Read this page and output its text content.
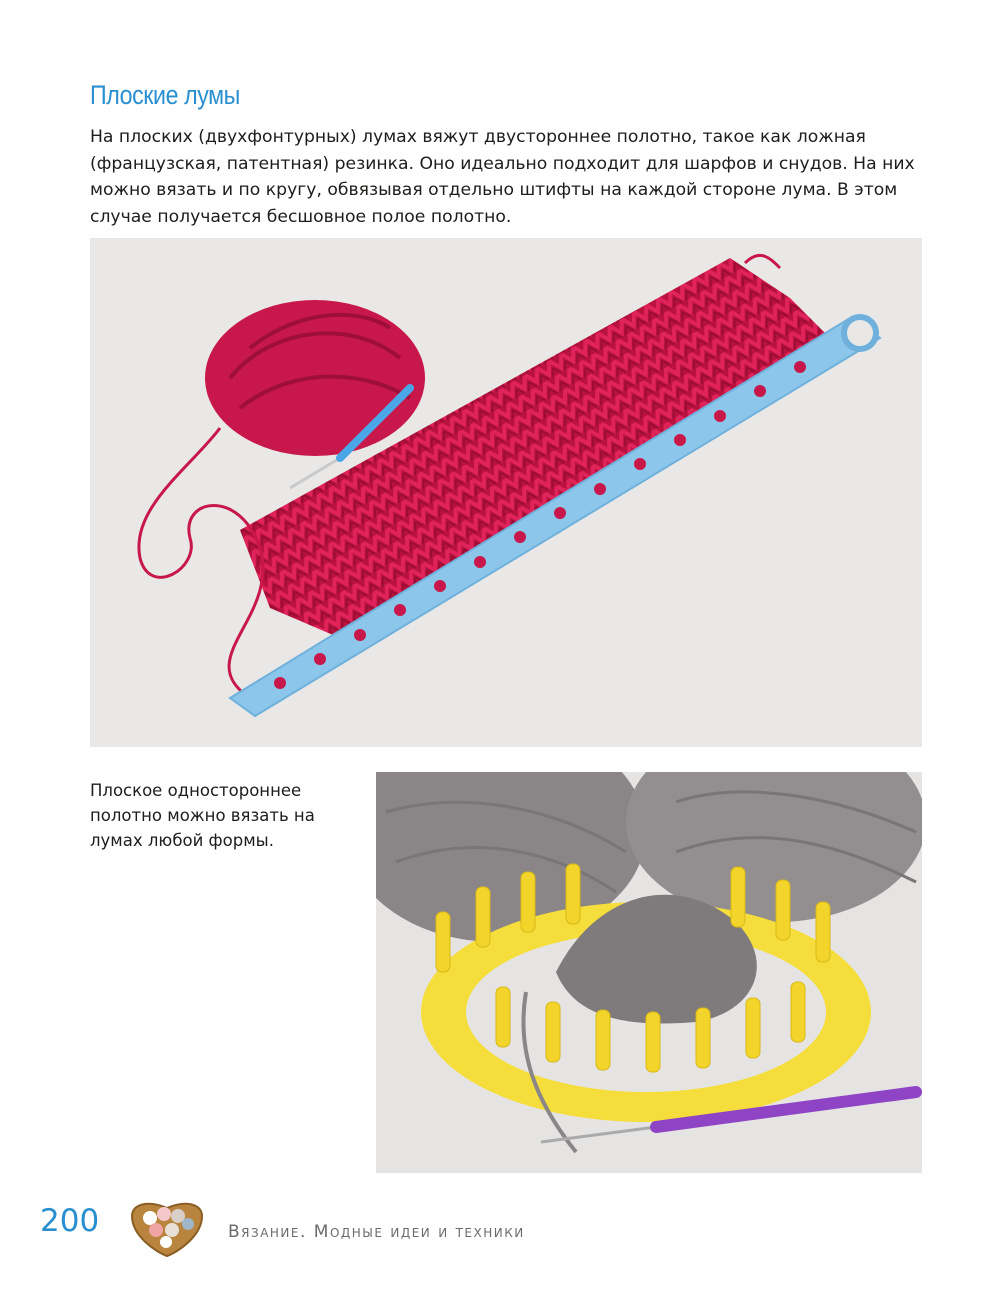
Плоские лумы

На плоских (двухфонтурных) лумах вяжут двустороннее полотно, такое как ложная (французская, патентная) резинка. Оно идеально подходит для шарфов и снудов. На них можно вязать и по кругу, обвязывая отдельно штифты на каждой стороне лума. В этом случае получается бесшовное полое полотно.

Плоское одностороннее полотно можно вязать на лумах любой формы.

200	Вязание. Модные идеи и техники
